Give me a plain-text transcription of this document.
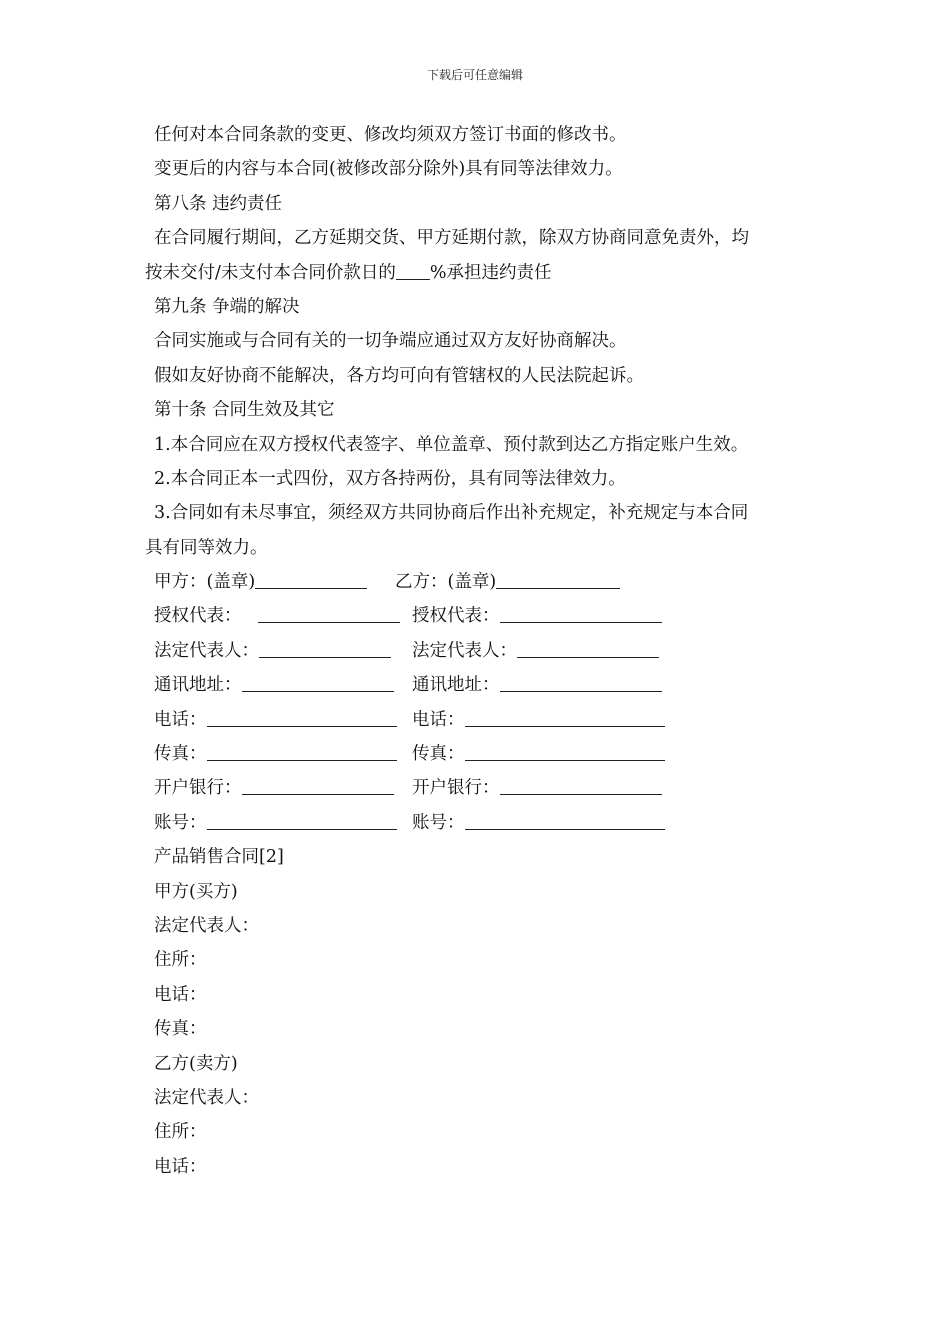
下载后可任意编辑
任何对本合同条款的变更、修改均须双方签订书面的修改书。
变更后的内容与本合同(被修改部分除外)具有同等法律效力。
第八条 违约责任
在合同履行期间，乙方延期交货、甲方延期付款，除双方协商同意免责外，均
按未交付/未支付本合同价款日的 %承担违约责任
第九条 争端的解决
合同实施或与合同有关的一切争端应通过双方友好协商解决。
假如友好协商不能解决，各方均可向有管辖权的人民法院起诉。
第十条 合同生效及其它
1.本合同应在双方授权代表签字、单位盖章、预付款到达乙方指定账户生效。
2.本合同正本一式四份，双方各持两份，具有同等法律效力。
3.合同如有未尽事宜，须经双方共同协商后作出补充规定，补充规定与本合同
具有同等效力。
甲方：(盖章)	乙方：(盖章)
授权代表：	授权代表：
法定代表人：	法定代表人：
通讯地址：	通讯地址：
电话：	电话：
传真：	传真：
开户银行：	开户银行：
账号：	账号：
产品销售合同[2]
甲方(买方)
法定代表人：
住所：
电话：
传真：
乙方(卖方)
法定代表人：
住所：
电话：
